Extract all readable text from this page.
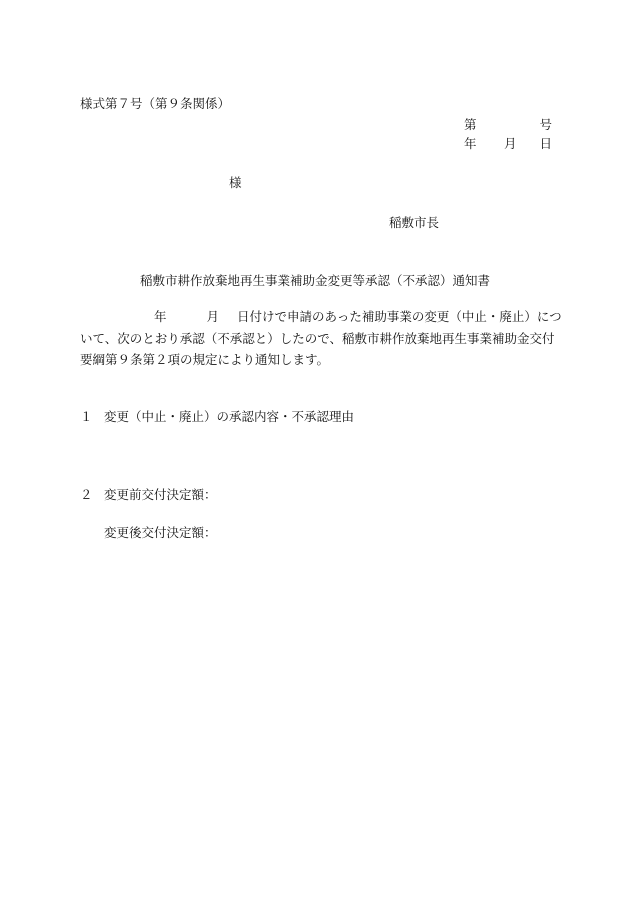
様式第７号（第９条関係）
第	号
年 月 日
様
稲敷市長
稲敷市耕作放棄地再生事業補助金変更等承認（不承認）通知書
年	月 日付けで申請のあった補助事業の変更（中止・廃止）につ
いて、次のとおり承認（不承認と）したので、稲敷市耕作放棄地再生事業補助金交付
要綱第９条第２項の規定により通知します。
１ 変更（中止・廃止）の承認内容・不承認理由
２ 変更前交付決定額：
変更後交付決定額：
